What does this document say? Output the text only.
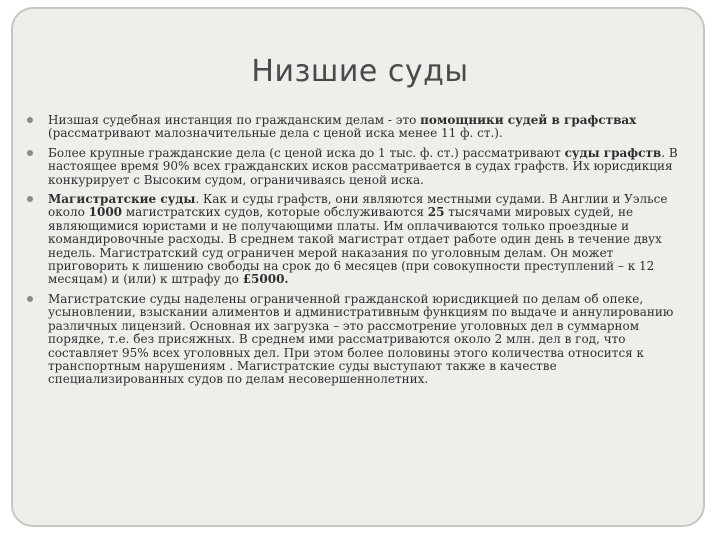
Низшие суды
Низшая судебная инстанция по гражданским делам - это помощники судей в графствах (рассматривают малозначительные дела с ценой иска менее 11 ф. ст.).
Более крупные гражданские дела (с ценой иска до 1 тыс. ф. ст.) рассматривают суды графств. В настоящее время 90% всех гражданских исков рассматривается в судах графств. Их юрисдикция конкурирует с Высоким судом, ограничиваясь ценой иска.
Магистратские суды. Как и суды графств, они являются местными судами. В Англии и Уэльсе около 1000 магистратских судов, которые обслуживаются 25 тысячами мировых судей, не являющимися юристами и не получающими платы. Им оплачиваются только проездные и командировочные расходы. В среднем такой магистрат отдает работе один день в течение двух недель. Магистратский суд ограничен мерой наказания по уголовным делам. Он может приговорить к лишению свободы на срок до 6 месяцев (при совокупности преступлений – к 12 месяцам) и (или) к штрафу до £5000.
Магистратские суды наделены ограниченной гражданской юрисдикцией по делам об опеке, усыновлении, взыскании алиментов и административным функциям по выдаче и аннулированию различных лицензий. Основная их загрузка – это рассмотрение уголовных дел в суммарном порядке, т.е. без присяжных. В среднем ими рассматриваются около 2 млн. дел в год, что составляет 95% всех уголовных дел. При этом более половины этого количества относится к транспортным нарушениям . Магистратские суды выступают также в качестве специализированных судов по делам несовершеннолетних.
